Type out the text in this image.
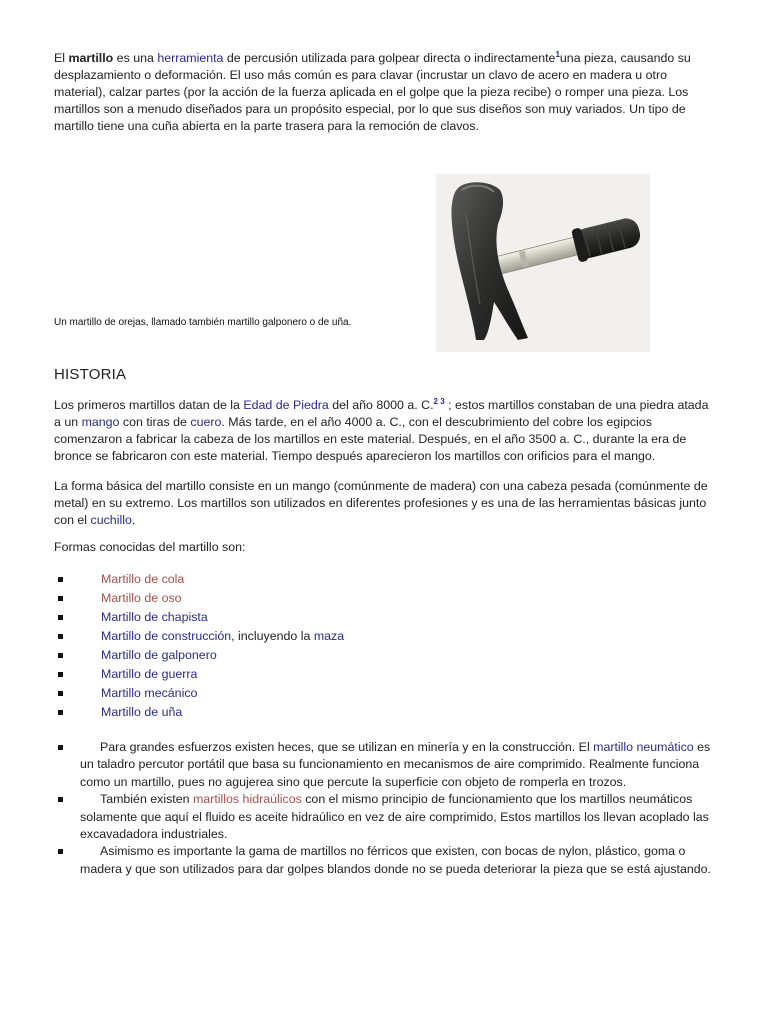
El martillo es una herramienta de percusión utilizada para golpear directa o indirectamente$^1$una pieza, causando su desplazamiento o deformación. El uso más común es para clavar (incrustar un clavo de acero en madera u otro material), calzar partes (por la acción de la fuerza aplicada en el golpe que la pieza recibe) o romper una pieza. Los martillos son a menudo diseñados para un propósito especial, por lo que sus diseños son muy variados. Un tipo de martillo tiene una cuña abierta en la parte trasera para la remoción de clavos.

Un martillo de orejas, llamado también martillo galponero o de uña.
HISTORIA

Los primeros martillos datan de la Edad de Piedra del año 8000 a. C.$^{2 3}$ ; estos martillos constaban de una piedra atada a un mango con tiras de cuero. Más tarde, en el año 4000 a. C., con el descubrimiento del cobre los egipcios comenzaron a fabricar la cabeza de los martillos en este material. Después, en el año 3500 a. C., durante la era de bronce se fabricaron con este material. Tiempo después aparecieron los martillos con orificios para el mango.

La forma básica del martillo consiste en un mango (comúnmente de madera) con una cabeza pesada (comúnmente de metal) en su extremo. Los martillos son utilizados en diferentes profesiones y es una de las herramientas básicas junto con el cuchillo.

Formas conocidas del martillo son:

Martillo de cola
Martillo de oso
Martillo de chapista
Martillo de construcción, incluyendo la maza
Martillo de galponero
Martillo de guerra
Martillo mecánico
Martillo de uña
Para grandes esfuerzos existen heces, que se utilizan en minería y en la construcción. El martillo neumático es un taladro percutor portátil que basa su funcionamiento en mecanismos de aire comprimido. Realmente funciona como un martillo, pues no agujerea sino que percute la superficie con objeto de romperla en trozos.
También existen martillos hidraúlicos con el mismo principio de funcionamiento que los martillos neumáticos solamente que aquí el fluido es aceite hidraúlico en vez de aire comprimido, Estos martillos los llevan acoplado las excavadadora industriales.
Asimismo es importante la gama de martillos no férricos que existen, con bocas de nylon, plástico, goma o madera y que son utilizados para dar golpes blandos donde no se pueda deteriorar la pieza que se está ajustando.
